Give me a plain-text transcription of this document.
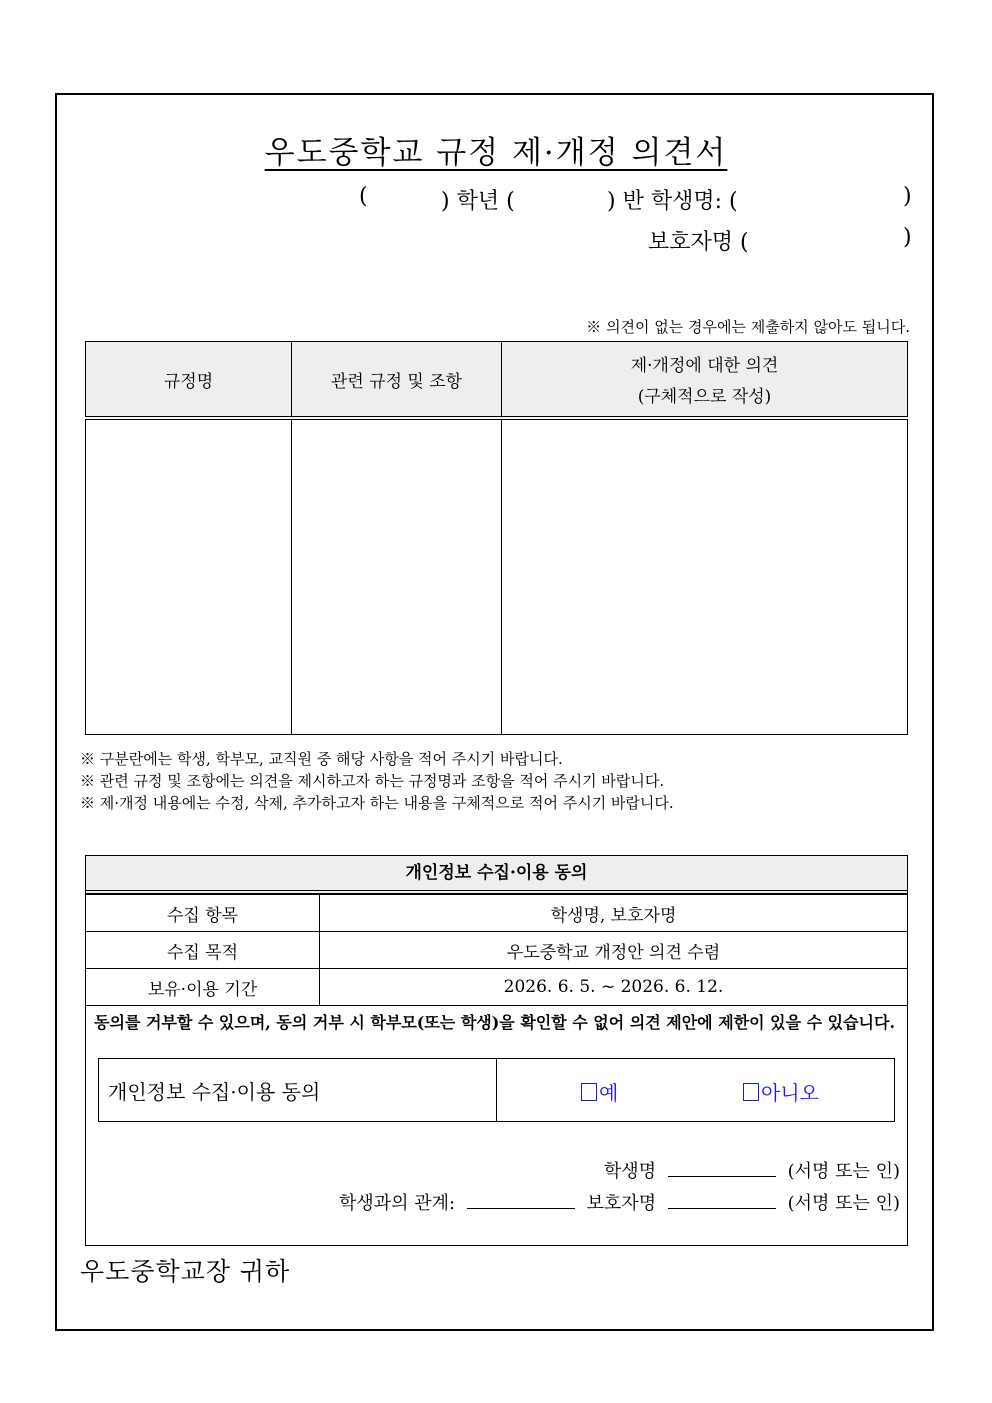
우도중학교 규정 제·개정 의견서
(	) 학년 (	) 반 학생명: (	)
보호자명 (	)
※ 의견이 없는 경우에는 제출하지 않아도 됩니다.
규정명	관련 규정 및 조항	제·개정에 대한 의견
(구체적으로 작성)

※ 구분란에는 학생, 학부모, 교직원 중 해당 사항을 적어 주시기 바랍니다.
※ 관련 규정 및 조항에는 의견을 제시하고자 하는 규정명과 조항을 적어 주시기 바랍니다.
※ 제·개정 내용에는 수정, 삭제, 추가하고자 하는 내용을 구체적으로 적어 주시기 바랍니다.
개인정보 수집·이용 동의
수집 항목	학생명, 보호자명
수집 목적	우도중학교 개정안 의견 수렴
보유·이용 기간	2026. 6. 5. ~ 2026. 6. 12.
동의를 거부할 수 있으며, 동의 거부 시 학부모(또는 학생)을 확인할 수 없어 의견 제안에 제한이 있을 수 있습니다.
개인정보 수집·이용 동의	예	아니오
학생명	(서명 또는 인)
학생과의 관계:	보호자명	(서명 또는 인)
우도중학교장 귀하
